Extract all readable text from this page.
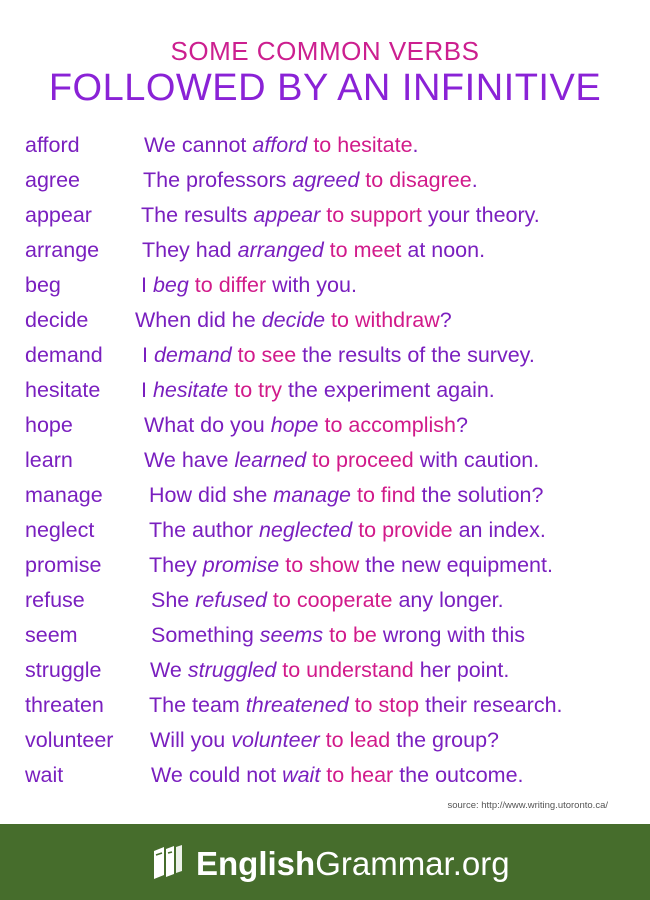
SOME COMMON VERBS
FOLLOWED BY AN INFINITIVE
afford	We cannot afford to hesitate.
agree	The professors agreed to disagree.
appear The results appear to support your theory.
arrange They had arranged to meet at noon.
beg	I beg to differ with you.
decide When did he decide to withdraw?
demand I demand to see the results of the survey.
hesitate I hesitate to try the experiment again.
hope	What do you hope to accomplish?
learn	We have learned to proceed with caution.
manage How did she manage to find the solution?
neglect	The author neglected to provide an index.
promise They promise to show the new equipment.
refuse	She refused to cooperate any longer.
seem	Something seems to be wrong with this
struggle We struggled to understand her point.
threaten The team threatened to stop their research.
volunteer Will you volunteer to lead the group?
wait	We could not wait to hear the outcome.
source: http://www.writing.utoronto.ca/
EnglishGrammar.org
